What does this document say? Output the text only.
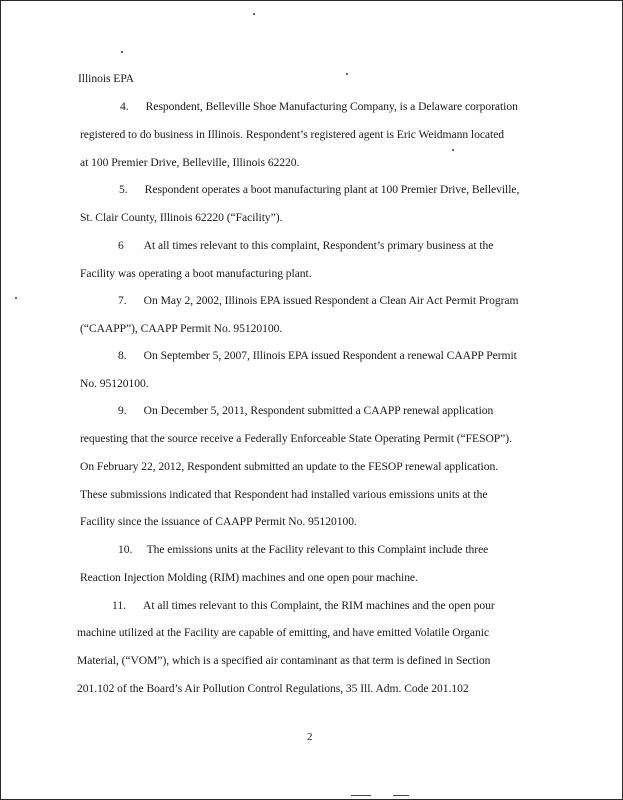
Illinois EPA
4.      Respondent, Belleville Shoe Manufacturing Company, is a Delaware corporation
registered to do business in Illinois. Respondent’s registered agent is Eric Weidmann located
at 100 Premier Drive, Belleville, Illinois 62220.
5.      Respondent operates a boot manufacturing plant at 100 Premier Drive, Belleville,
St. Clair County, Illinois 62220 (“Facility”).
6       At all times relevant to this complaint, Respondent’s primary business at the
Facility was operating a boot manufacturing plant.
7.      On May 2, 2002, Illinois EPA issued Respondent a Clean Air Act Permit Program
(“CAAPP”), CAAPP Permit No. 95120100.
8.      On September 5, 2007, Illinois EPA issued Respondent a renewal CAAPP Permit
No. 95120100.
9.      On December 5, 2011, Respondent submitted a CAAPP renewal application
requesting that the source receive a Federally Enforceable State Operating Permit (“FESOP”).
On February 22, 2012, Respondent submitted an update to the FESOP renewal application.
These submissions indicated that Respondent had installed various emissions units at the
Facility since the issuance of CAAPP Permit No. 95120100.
10.     The emissions units at the Facility relevant to this Complaint include three
Reaction Injection Molding (RIM) machines and one open pour machine.
11.      At all times relevant to this Complaint, the RIM machines and the open pour
machine utilized at the Facility are capable of emitting, and have emitted Volatile Organic
Material, (“VOM”), which is a specified air contaminant as that term is defined in Section
201.102 of the Board’s Air Pollution Control Regulations, 35 Ill. Adm. Code 201.102
2
